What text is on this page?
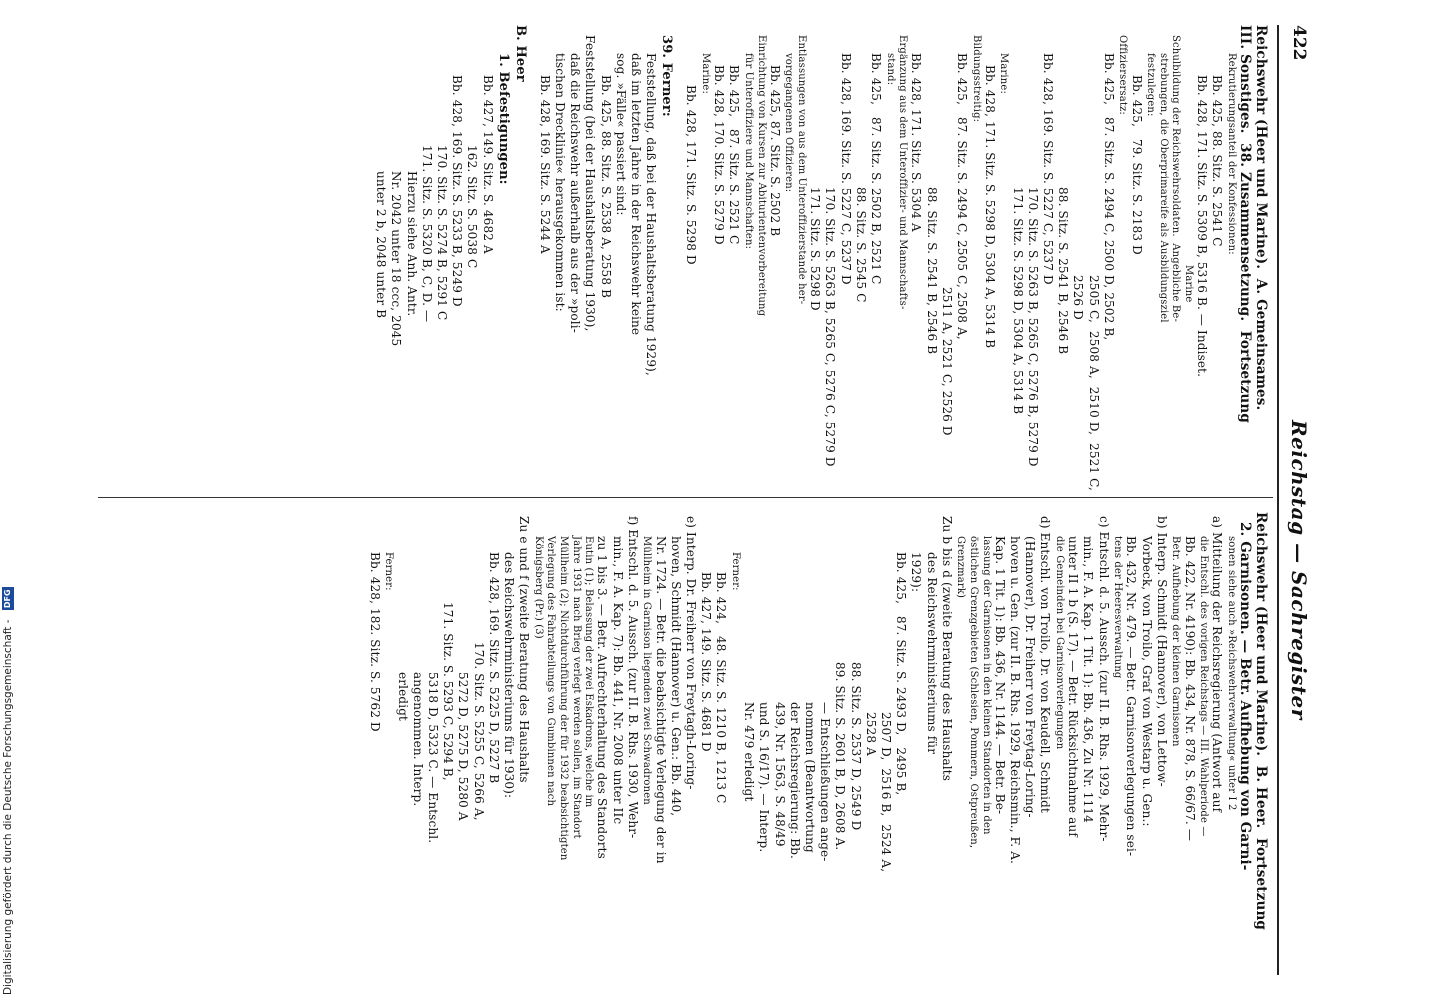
422
Reichstag — Sachregister
Reichswehr (Heer und Marine).  A. Gemeinsames.
III. Sonstiges.  38. Zusammensetzung.  Fortsetzung
Rekrutierungsanteil der Konfessionen:
Bb. 425, 88. Sitz. S. 2541 C
Bb. 428, 171. Sitz. S. 5309 B, 5316 B. — Indiset.
Marine
Schulbildung der Reichswehrsoldaten.  Angebliche Be-
strebungen, die Oberprimareife als Ausbildungsziel
festzulegen:
Bb. 425,   79. Sitz. S. 2183 D
Offiziersersatz:
Bb. 425,   87. Sitz. S. 2494 C, 2500 D, 2502 B,
2505 C,  2508 A,  2510 D,  2521 C,
2526 D
88. Sitz. S. 2541 B, 2546 B
Bb. 428, 169. Sitz. S. 5227 C, 5237 D
170. Sitz. S. 5263 B, 5265 C, 5276 B, 5279 D
171. Sitz. S. 5298 D, 5304 A, 5314 B
Marine:
Bb. 428, 171. Sitz. S. 5298 D, 5304 A, 5314 B
Bildungsstreitig:
Bb. 425,   87. Sitz. S. 2494 C, 2505 C, 2508 A,
2511 A, 2521 C, 2526 D
88. Sitz. S. 2541 B, 2546 B
Bb. 428, 171. Sitz. S. 5304 A
Ergänzung aus dem Unteroffizier- und Mannschafts-
stand:
Bb. 425,   87. Sitz. S. 2502 B, 2521 C
88. Sitz. S. 2545 C
Bb. 428, 169. Sitz. S. 5227 C, 5237 D
170. Sitz. S. 5263 B, 5265 C, 5276 C, 5279 D
171. Sitz. S. 5298 D
Entlassungen von aus dem Unteroffizierstande her-
vorgegangenen Offizieren:
Bb. 425, 87. Sitz. S. 2502 B
Einrichtung von Kursen zur Abiturientenvorbereitung
für Unteroffiziere und Mannschaften:
Bb. 425,   87. Sitz. S. 2521 C
Bb. 428, 170. Sitz. S. 5279 D
Marine:
Bb. 428, 171. Sitz. S. 5298 D
39. Ferner:
Feststellung, daß bei der Haushaltsberatung 1929),
daß im letzten Jahre in der Reichswehr keine
sog. »Fälle« passiert sind:
Bb. 425, 88. Sitz. S. 2538 A, 2558 B
Feststellung (bei der Haushaltsberatung 1930),
daß die Reichswehr außerhalb aus der »poli-
tischen Dreckliniе« herausgekommen ist:
Bb. 428, 169. Sitz. S. 5244 A
B. Heer
1. Befestigungen:
Bb. 427, 149. Sitz. S. 4682 A
162. Sitz. S. 5038 C
Bb. 428, 169. Sitz. S. 5233 B, 5249 D
170. Sitz. S. 5274 B, 5291 C
171. Sitz. S. 5320 B, C, D. —
Hierzu siehe Anh. Antr.
Nr. 2042 unter 18 ccc, 2045
unter 2 b, 2048 unter B
Reichswehr (Heer und Marine).  B. Heer.  Fortsetzung
2. Garnisonen. — Betr. Aufhebung von Garni-
sonen siehe auch »Reichswehrverwaltung« unter I 2
a) Mitteilung der Reichsregierung (Antwort auf
die Entschl. des vorigen Reichstags — III. Wahlperiode —
Bb. 422, Nr. 4190): Bb. 434, Nr. 878, S. 66/67. —
Betr. Aufhebung der kleinen Garnisonen
b) Interp. Schmidt (Hannover), von Lettow-
Vorbeck, von Troilo, Graf von Westarp u. Gen.:
Bb. 432, Nr. 479. — Betr. Garnisonverlegungen sei-
tens der Heeresverwaltung
c) Entschl. d. 5. Aussch. (zur II. B. Rhs. 1929, Mehr-
min., F. A. Kap. 1 Tit. 1): Bb. 436, Zu Nr. 1114
unter II 1 b (S. 17). — Betr. Rücksichtnahme auf
die Gemeinden bei Garnisonverlegungen
d) Entschl. von Troilo, Dr. von Keudell, Schmidt
(Hannover), Dr. Freiherr von Freytag-Loring-
hoven u. Gen. (zur II. B. Rhs. 1929, Reichsmin., F. A.
Kap. 1 Tit. 1): Bb. 436, Nr. 1144. — Betr. Be-
lassung der Garnisonen in den kleinen Standorten in den
östlichen Grenzgebieten (Schlesien, Pommern, Ostpreußen,
Grenzmark)
Zu b bis d (zweite Beratung des Haushalts
des Reichswehrministeriums für
1929):
Bb. 425,   87. Sitz. S. 2493 D,   2495 B,
2507 D,  2516 B,  2524 A,
2528 A
88. Sitz. S. 2537 D, 2549 D
89. Sitz. S. 2601 B, D, 2608 A.
— Entschließungen ange-
nommen (Beantwortung
der Reichsregierung: Bb.
439, Nr. 1563, S. 48/49
und S. 16/17). — Interp.
Nr. 479 erledigt
Ferner:
Bb. 424,   48. Sitz. S. 1210 B, 1213 C
Bb. 427, 149. Sitz. S. 4681 D
e) Interp. Dr. Freiherr von Freytagh-Loring-
hoven, Schmidt (Hannover) u. Gen.: Bb. 440,
Nr. 1724. — Betr. die beabsichtigte Verlegung der in
Müllheim in Garnison liegenden zwei Schwadronen
f) Entschl. d. 5. Aussch. (zur II. B. Rhs. 1930, Wehr-
min., F. A. Kap. 7): Bb. 441, Nr. 2008 unter IIc
zu 1 bis 3. — Betr. Aufrechterhaltung des Standorts
Eutin (1); Belassung der zwei Eskadrons, welche im
Jahre 1931 nach Brieg verlegt werden sollen, im Standort
Müllheim (2); Nichtdurchführung der für 1932 beabsichtigten
Verlegung des Fahrabteilungs von Gumbinnen nach
Königsberg (Pr.) (3)
Zu e und f (zweite Beratung des Haushalts
des Reichswehrministeriums für 1930):
Bb. 428, 169. Sitz. S. 5225 D, 5227 B
170. Sitz. S. 5255 C, 5266 A,
5272 D, 5275 D, 5280 A
171. Sitz. S. 5293 C, 5294 B,
5318 D, 5323 C. — Entschl.
angenommen. Interp.
erledigt
Ferner:
Bb. 428, 182. Sitz. S. 5762 D
Digitalisierung gefördert durch die Deutsche Forschungsgemeinschaft - DFG
